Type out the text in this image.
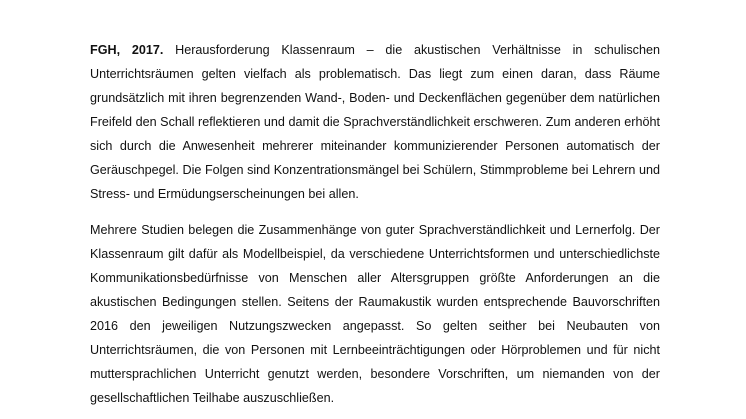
FGH, 2017. Herausforderung Klassenraum – die akustischen Verhältnisse in schulischen Unterrichtsräumen gelten vielfach als problematisch. Das liegt zum einen daran, dass Räume grundsätzlich mit ihren begrenzenden Wand-, Boden- und Deckenflächen gegenüber dem natürlichen Freifeld den Schall reflektieren und damit die Sprachverständlichkeit erschweren. Zum anderen erhöht sich durch die Anwesenheit mehrerer miteinander kommunizierender Personen automatisch der Geräuschpegel. Die Folgen sind Konzentrationsmängel bei Schülern, Stimmprobleme bei Lehrern und Stress- und Ermüdungserscheinungen bei allen.

Mehrere Studien belegen die Zusammenhänge von guter Sprachverständlichkeit und Lernerfolg. Der Klassenraum gilt dafür als Modellbeispiel, da verschiedene Unterrichtsformen und unterschiedlichste Kommunikationsbedürfnisse von Menschen aller Altersgruppen größte Anforderungen an die akustischen Bedingungen stellen. Seitens der Raumakustik wurden entsprechende Bauvorschriften 2016 den jeweiligen Nutzungszwecken angepasst. So gelten seither bei Neubauten von Unterrichtsräumen, die von Personen mit Lernbeeinträchtigungen oder Hörproblemen und für nicht muttersprachlichen Unterricht genutzt werden, besondere Vorschriften, um niemanden von der gesellschaftlichen Teilhabe auszuschließen.
